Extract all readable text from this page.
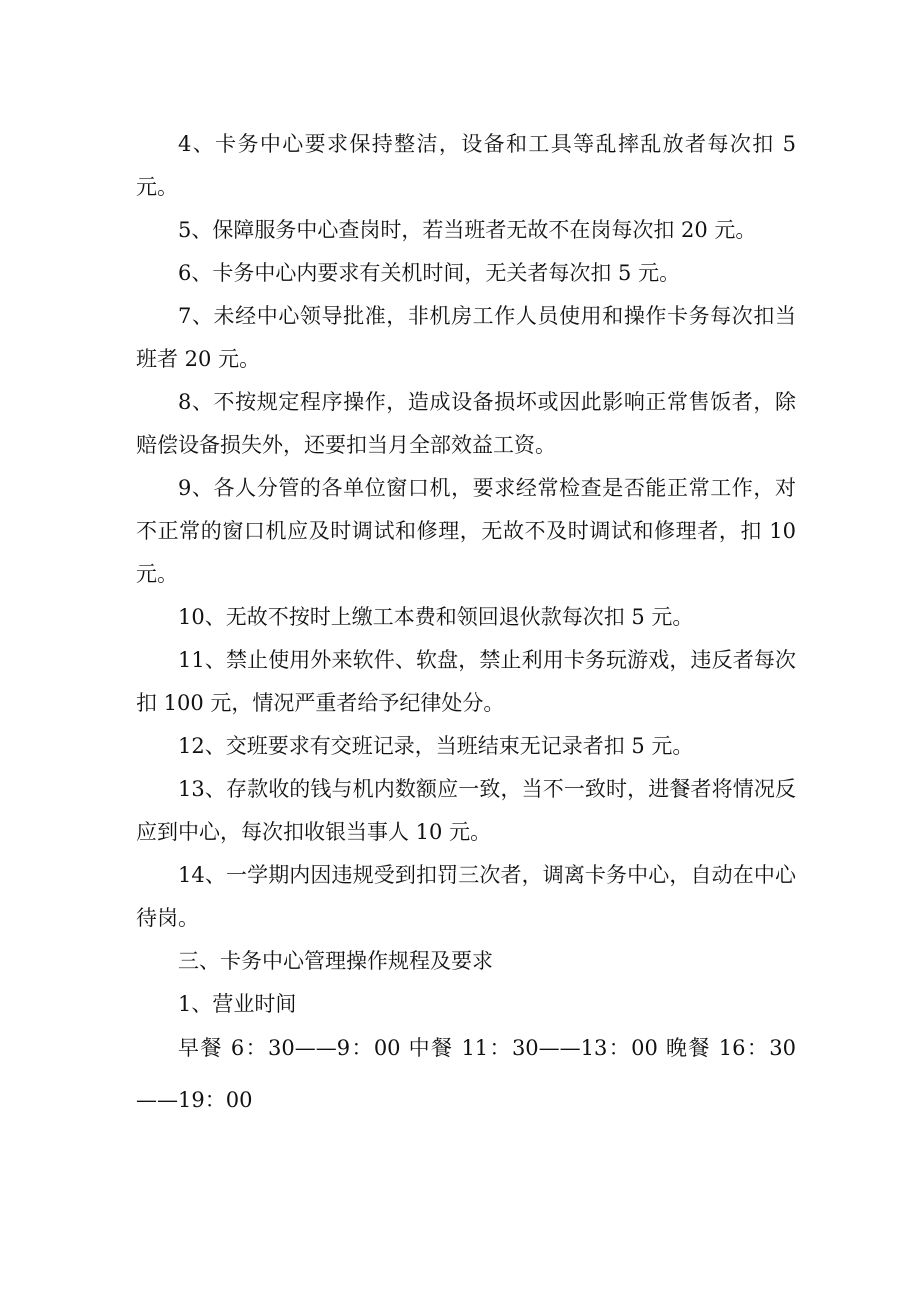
4、卡务中心要求保持整洁，设备和工具等乱摔乱放者每次扣 5 元。

5、保障服务中心查岗时，若当班者无故不在岗每次扣 20 元。

6、卡务中心内要求有关机时间，无关者每次扣 5 元。

7、未经中心领导批准，非机房工作人员使用和操作卡务每次扣当班者 20 元。

8、不按规定程序操作，造成设备损坏或因此影响正常售饭者，除赔偿设备损失外，还要扣当月全部效益工资。

9、各人分管的各单位窗口机，要求经常检查是否能正常工作，对不正常的窗口机应及时调试和修理，无故不及时调试和修理者，扣 10 元。

10、无故不按时上缴工本费和领回退伙款每次扣 5 元。

11、禁止使用外来软件、软盘，禁止利用卡务玩游戏，违反者每次扣 100 元，情况严重者给予纪律处分。

12、交班要求有交班记录，当班结束无记录者扣 5 元。

13、存款收的钱与机内数额应一致，当不一致时，进餐者将情况反应到中心，每次扣收银当事人 10 元。

14、一学期内因违规受到扣罚三次者，调离卡务中心，自动在中心待岗。

三、卡务中心管理操作规程及要求

1、营业时间

早餐 6：30——9：00 中餐 11：30——13：00 晚餐 16：30——19：00
